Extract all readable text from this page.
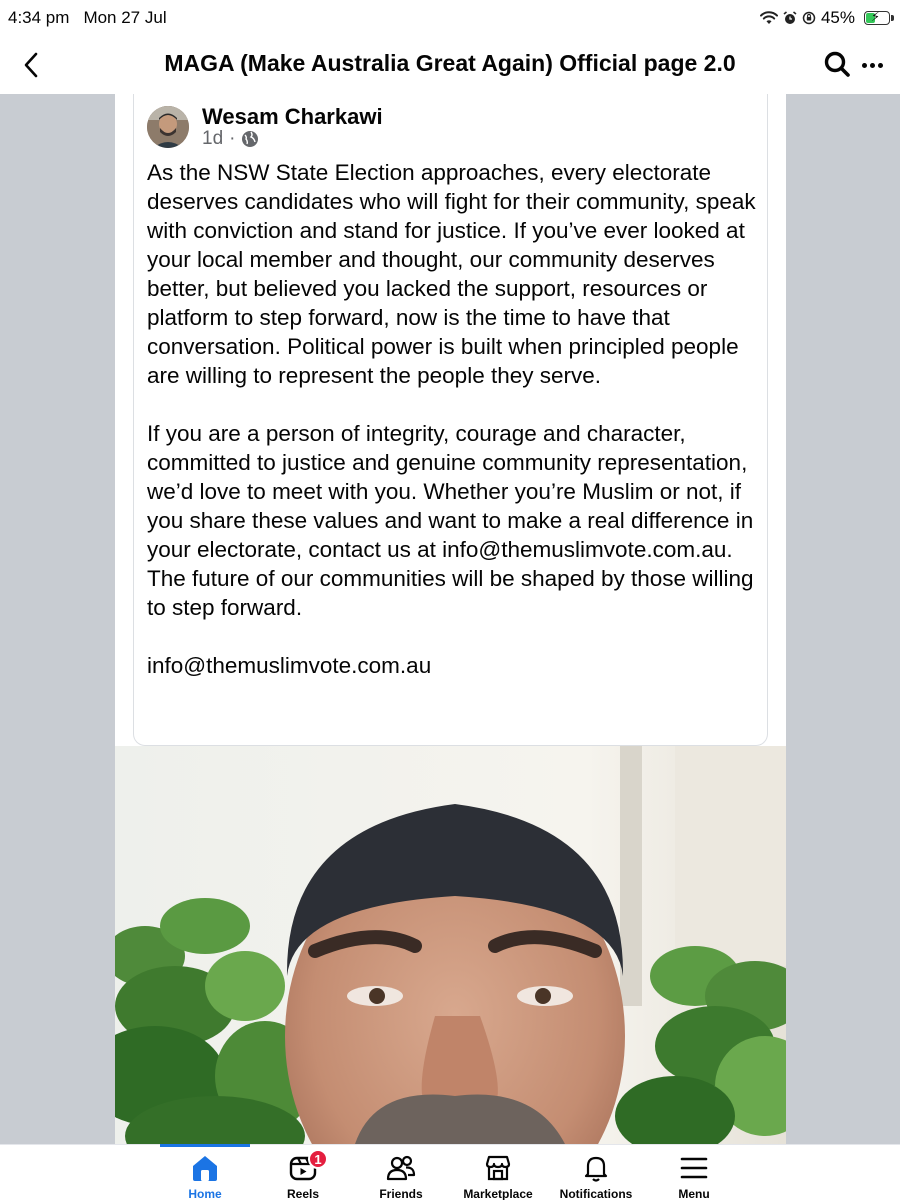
4:34 pm Mon 27 Jul	45% ⚡
MAGA (Make Australia Great Again) Official page 2.0
Wesam Charkawi
1d ·

As the NSW State Election approaches, every electorate deserves candidates who will fight for their community, speak with conviction and stand for justice. If you’ve ever looked at your local member and thought, our community deserves better, but believed you lacked the support, resources or platform to step forward, now is the time to have that conversation. Political power is built when principled people are willing to represent the people they serve.

If you are a person of integrity, courage and character, committed to justice and genuine community representation, we’d love to meet with you. Whether you’re Muslim or not, if you share these values and want to make a real difference in your electorate, contact us at info@themuslimvote.com.au. The future of our communities will be shaped by those willing to step forward.

info@themuslimvote.com.au

Home
1
Reels	Friends	Marketplace Notifications	Menu
